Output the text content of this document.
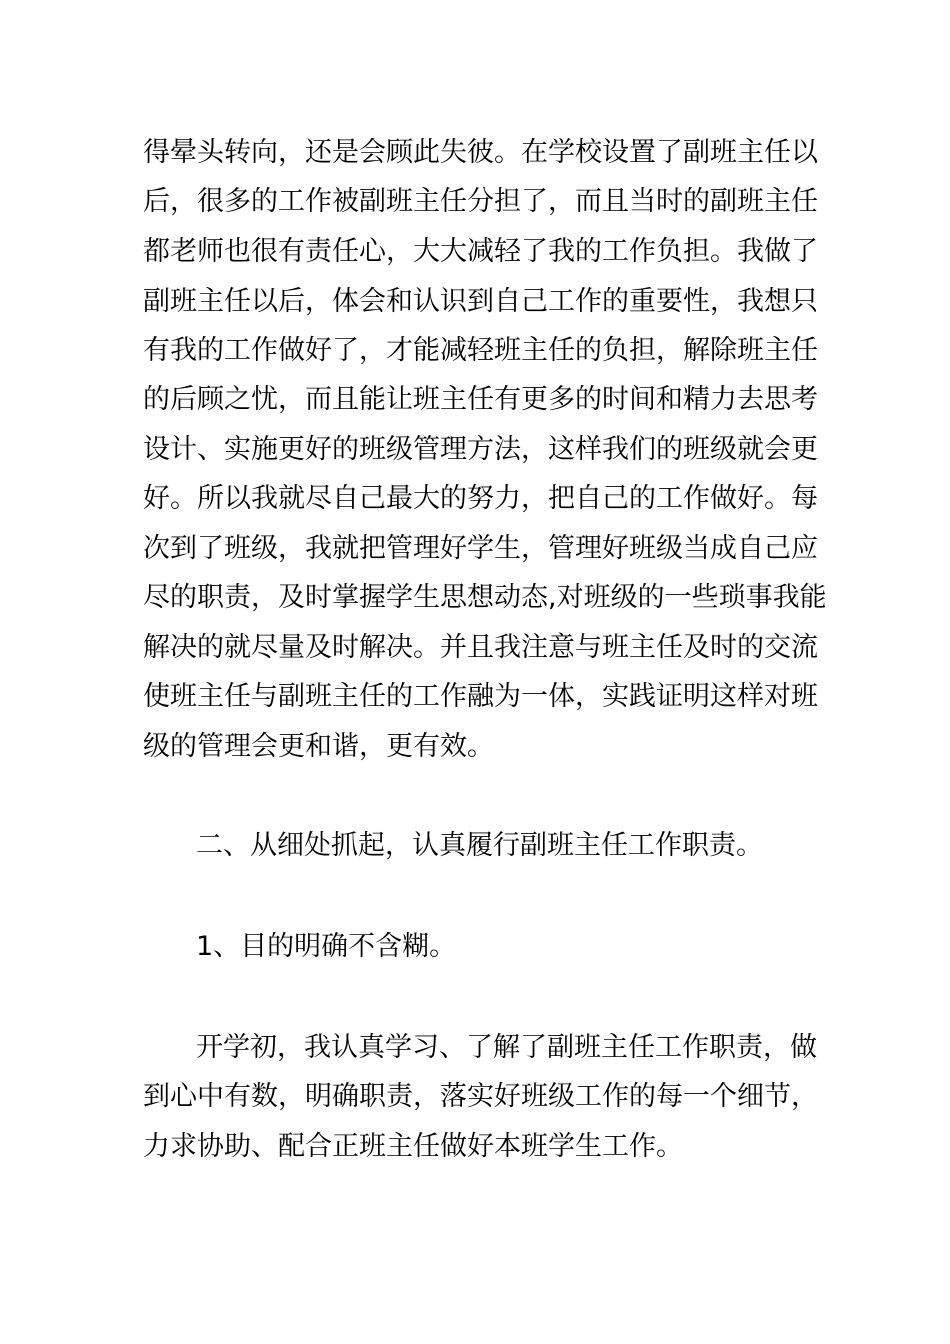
得晕头转向，还是会顾此失彼。在学校设置了副班主任以
后，很多的工作被副班主任分担了，而且当时的副班主任
都老师也很有责任心，大大减轻了我的工作负担。我做了
副班主任以后，体会和认识到自己工作的重要性，我想只
有我的工作做好了，才能减轻班主任的负担，解除班主任
的后顾之忧，而且能让班主任有更多的时间和精力去思考
设计、实施更好的班级管理方法，这样我们的班级就会更
好。所以我就尽自己最大的努力，把自己的工作做好。每
次到了班级，我就把管理好学生，管理好班级当成自己应
尽的职责，及时掌握学生思想动态,对班级的一些琐事我能
解决的就尽量及时解决。并且我注意与班主任及时的交流
使班主任与副班主任的工作融为一体，实践证明这样对班
级的管理会更和谐，更有效。
二、从细处抓起，认真履行副班主任工作职责。
1、目的明确不含糊。
开学初，我认真学习、了解了副班主任工作职责，做
到心中有数，明确职责，落实好班级工作的每一个细节，
力求协助、配合正班主任做好本班学生工作。
